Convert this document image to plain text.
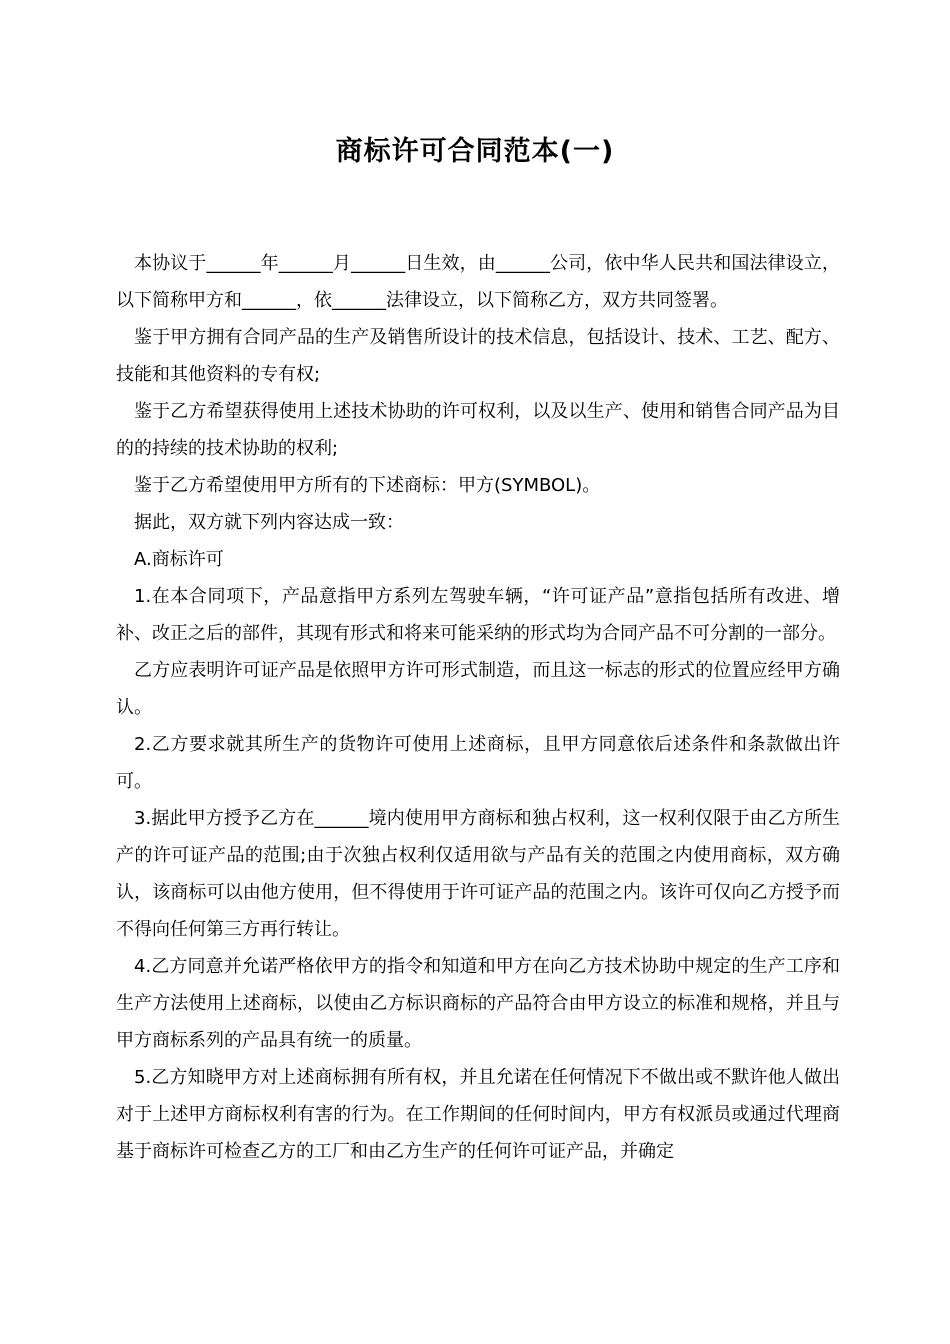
商标许可合同范本(一)

本协议于______年______月______日生效，由______公司，依中华人民共和国法律设立，以下简称甲方和______，依______法律设立，以下简称乙方，双方共同签署。

鉴于甲方拥有合同产品的生产及销售所设计的技术信息，包括设计、技术、工艺、配方、技能和其他资料的专有权;

鉴于乙方希望获得使用上述技术协助的许可权利，以及以生产、使用和销售合同产品为目的的持续的技术协助的权利;

鉴于乙方希望使用甲方所有的下述商标：甲方(SYMBOL)。

据此，双方就下列内容达成一致：

A.商标许可

1.在本合同项下，产品意指甲方系列左驾驶车辆，“许可证产品”意指包括所有改进、增补、改正之后的部件，其现有形式和将来可能采纳的形式均为合同产品不可分割的一部分。

乙方应表明许可证产品是依照甲方许可形式制造，而且这一标志的形式的位置应经甲方确认。

2.乙方要求就其所生产的货物许可使用上述商标，且甲方同意依后述条件和条款做出许可。

3.据此甲方授予乙方在______境内使用甲方商标和独占权利，这一权利仅限于由乙方所生产的许可证产品的范围;由于次独占权利仅适用欲与产品有关的范围之内使用商标，双方确认，该商标可以由他方使用，但不得使用于许可证产品的范围之内。该许可仅向乙方授予而不得向任何第三方再行转让。

4.乙方同意并允诺严格依甲方的指令和知道和甲方在向乙方技术协助中规定的生产工序和生产方法使用上述商标，以使由乙方标识商标的产品符合由甲方设立的标准和规格，并且与甲方商标系列的产品具有统一的质量。

5.乙方知晓甲方对上述商标拥有所有权，并且允诺在任何情况下不做出或不默许他人做出对于上述甲方商标权利有害的行为。在工作期间的任何时间内，甲方有权派员或通过代理商基于商标许可检查乙方的工厂和由乙方生产的任何许可证产品，并确定
